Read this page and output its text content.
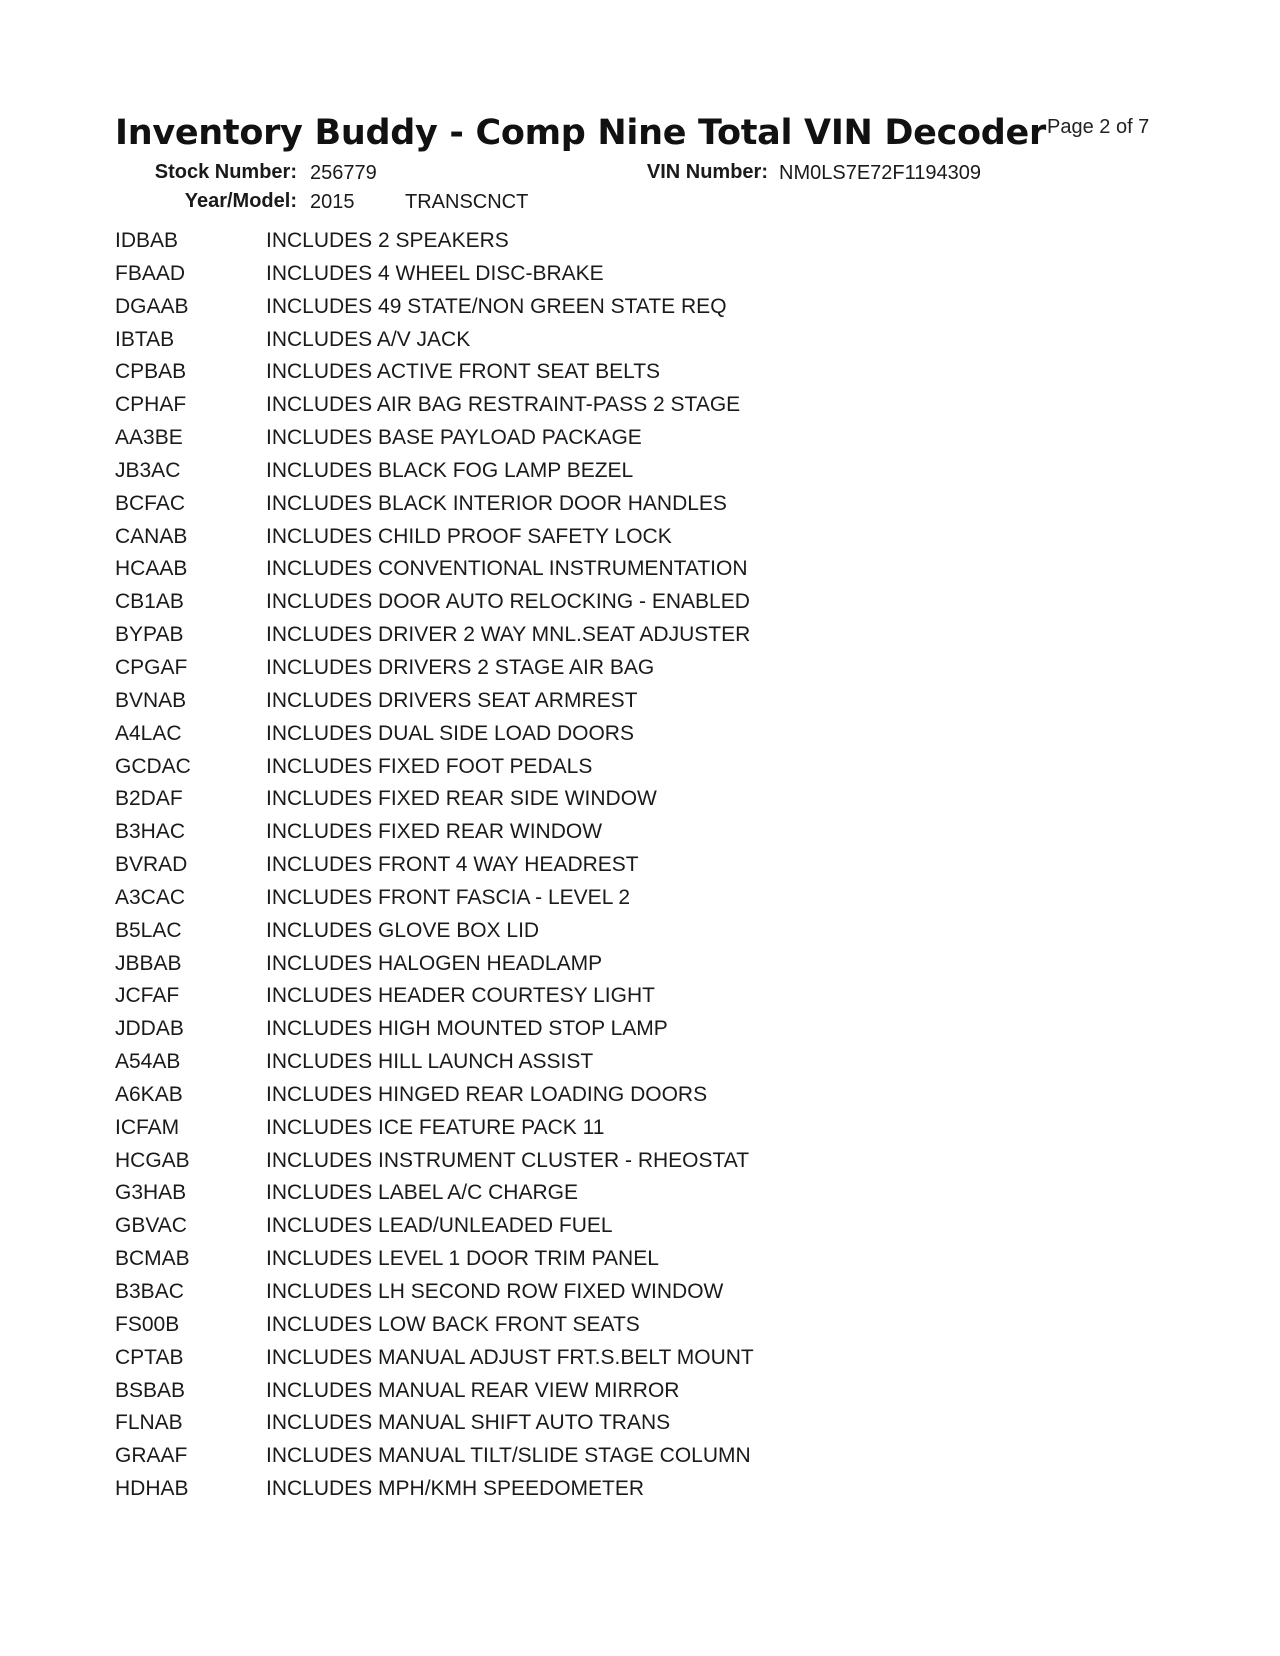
Inventory Buddy - Comp Nine Total VIN Decoder Page 2 of 7
Stock Number: 256779	VIN Number: NM0LS7E72F1194309
Year/Model: 2015	TRANSCNCT
IDBAB	INCLUDES 2 SPEAKERS
FBAAD	INCLUDES 4 WHEEL DISC-BRAKE
DGAAB	INCLUDES 49 STATE/NON GREEN STATE REQ
IBTAB	INCLUDES A/V JACK
CPBAB	INCLUDES ACTIVE FRONT SEAT BELTS
CPHAF	INCLUDES AIR BAG RESTRAINT-PASS 2 STAGE
AA3BE	INCLUDES BASE PAYLOAD PACKAGE
JB3AC	INCLUDES BLACK FOG LAMP BEZEL
BCFAC	INCLUDES BLACK INTERIOR DOOR HANDLES
CANAB	INCLUDES CHILD PROOF SAFETY LOCK
HCAAB	INCLUDES CONVENTIONAL INSTRUMENTATION
CB1AB	INCLUDES DOOR AUTO RELOCKING - ENABLED
BYPAB	INCLUDES DRIVER 2 WAY MNL.SEAT ADJUSTER
CPGAF	INCLUDES DRIVERS 2 STAGE AIR BAG
BVNAB	INCLUDES DRIVERS SEAT ARMREST
A4LAC	INCLUDES DUAL SIDE LOAD DOORS
GCDAC	INCLUDES FIXED FOOT PEDALS
B2DAF	INCLUDES FIXED REAR SIDE WINDOW
B3HAC	INCLUDES FIXED REAR WINDOW
BVRAD	INCLUDES FRONT 4 WAY HEADREST
A3CAC	INCLUDES FRONT FASCIA - LEVEL 2
B5LAC	INCLUDES GLOVE BOX LID
JBBAB	INCLUDES HALOGEN HEADLAMP
JCFAF	INCLUDES HEADER COURTESY LIGHT
JDDAB	INCLUDES HIGH MOUNTED STOP LAMP
A54AB	INCLUDES HILL LAUNCH ASSIST
A6KAB	INCLUDES HINGED REAR LOADING DOORS
ICFAM	INCLUDES ICE FEATURE PACK 11
HCGAB	INCLUDES INSTRUMENT CLUSTER - RHEOSTAT
G3HAB	INCLUDES LABEL A/C CHARGE
GBVAC	INCLUDES LEAD/UNLEADED FUEL
BCMAB	INCLUDES LEVEL 1 DOOR TRIM PANEL
B3BAC	INCLUDES LH SECOND ROW FIXED WINDOW
FS00B	INCLUDES LOW BACK FRONT SEATS
CPTAB	INCLUDES MANUAL ADJUST FRT.S.BELT MOUNT
BSBAB	INCLUDES MANUAL REAR VIEW MIRROR
FLNAB	INCLUDES MANUAL SHIFT AUTO TRANS
GRAAF	INCLUDES MANUAL TILT/SLIDE STAGE COLUMN
HDHAB	INCLUDES MPH/KMH SPEEDOMETER
